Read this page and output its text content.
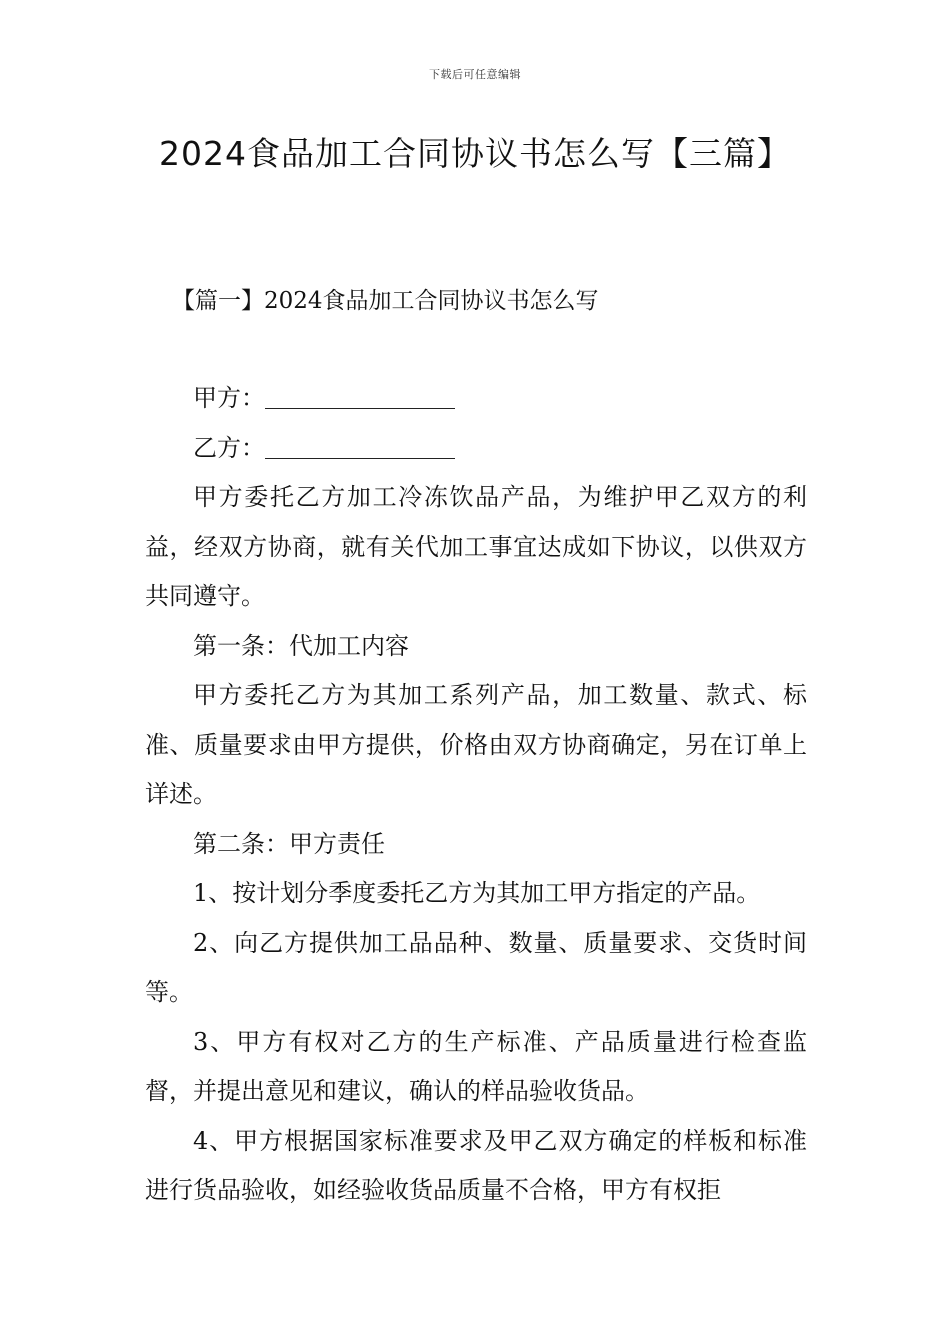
下载后可任意编辑
2024食品加工合同协议书怎么写【三篇】
【篇一】2024食品加工合同协议书怎么写

甲方：

乙方：

甲方委托乙方加工冷冻饮品产品，为维护甲乙双方的利益，经双方协商，就有关代加工事宜达成如下协议，以供双方共同遵守。

第一条：代加工内容

甲方委托乙方为其加工系列产品，加工数量、款式、标准、质量要求由甲方提供，价格由双方协商确定，另在订单上详述。

第二条：甲方责任

1、按计划分季度委托乙方为其加工甲方指定的产品。

2、向乙方提供加工品品种、数量、质量要求、交货时间等。

3、甲方有权对乙方的生产标准、产品质量进行检查监督，并提出意见和建议，确认的样品验收货品。

4、甲方根据国家标准要求及甲乙双方确定的样板和标准进行货品验收，如经验收货品质量不合格，甲方有权拒
